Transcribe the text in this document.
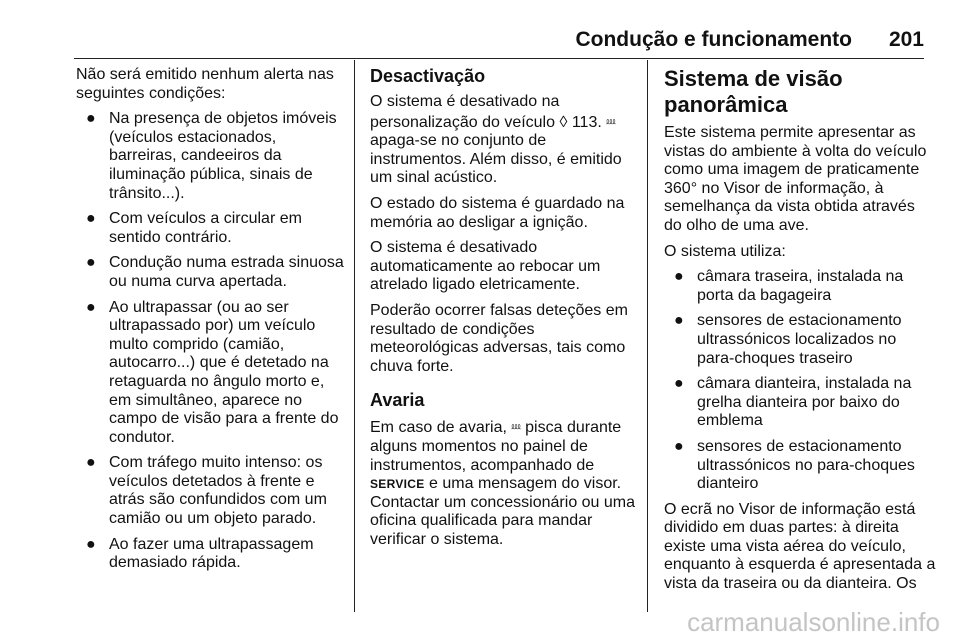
Condução e funcionamento 201

Não será emitido nenhum alerta nas seguintes condições:

● Na presença de objetos imóveis (veículos estacionados, barreiras, candeeiros da iluminação pública, sinais de trânsito...).
● Com veículos a circular em sentido contrário.
● Condução numa estrada sinuosa ou numa curva apertada.
● Ao ultrapassar (ou ao ser ultrapassado por) um veículo multo comprido (camião, autocarro...) que é detetado na retaguarda no ângulo morto e, em simultâneo, aparece no campo de visão para a frente do condutor.
● Com tráfego muito intenso: os veículos detetados à frente e atrás são confundidos com um camião ou um objeto parado.
● Ao fazer uma ultrapassagem demasiado rápida.
Desactivação

O sistema é desativado na personalização do veículo ◊ 113. ⅏ apaga-se no conjunto de instrumentos. Além disso, é emitido um sinal acústico.

O estado do sistema é guardado na memória ao desligar a ignição.

O sistema é desativado automaticamente ao rebocar um atrelado ligado eletricamente.

Poderão ocorrer falsas deteções em resultado de condições meteorológicas adversas, tais como chuva forte.

Avaria

Em caso de avaria, ⅏ pisca durante alguns momentos no painel de instrumentos, acompanhado de SERVICE e uma mensagem do visor. Contactar um concessionário ou uma oficina qualificada para mandar verificar o sistema.

Sistema de visão panorâmica

Este sistema permite apresentar as vistas do ambiente à volta do veículo como uma imagem de praticamente 360° no Visor de informação, à semelhança da vista obtida através do olho de uma ave.

O sistema utiliza:

● câmara traseira, instalada na porta da bagageira
● sensores de estacionamento ultrassónicos localizados no para-choques traseiro
● câmara dianteira, instalada na grelha dianteira por baixo do emblema
● sensores de estacionamento ultrassónicos no para-choques dianteiro

O ecrã no Visor de informação está dividido em duas partes: à direita existe uma vista aérea do veículo, enquanto à esquerda é apresentada a vista da traseira ou da dianteira. Os

carmanualsonline.info
